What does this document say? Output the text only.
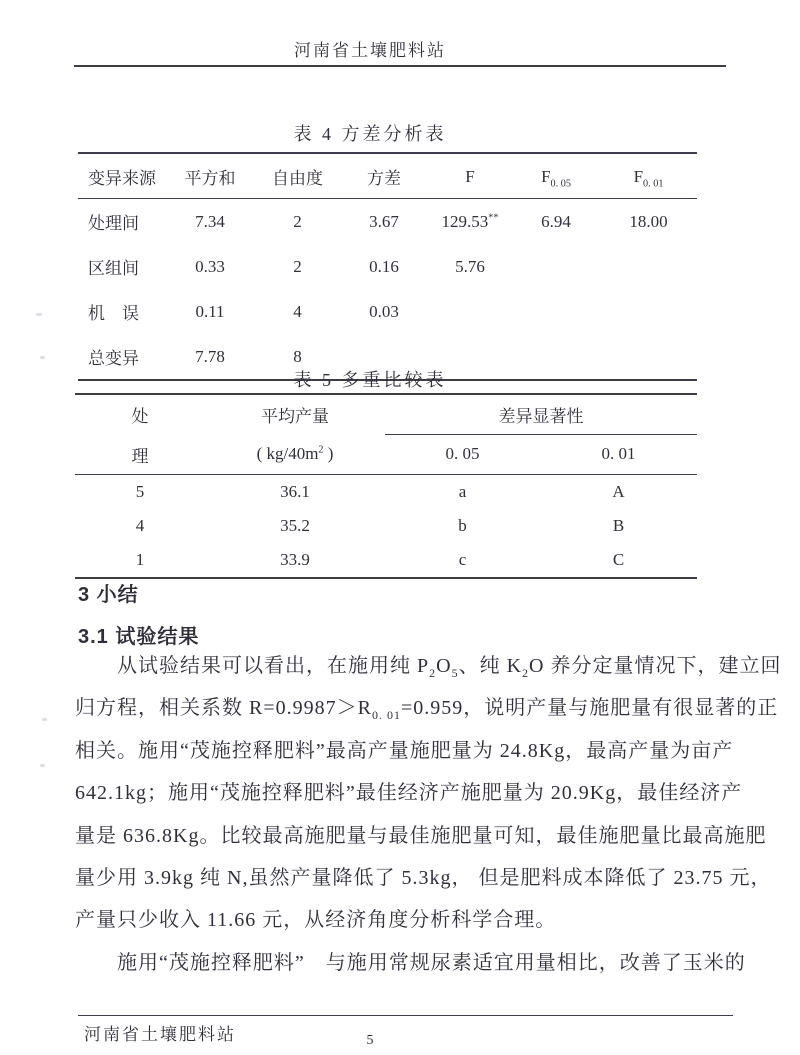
河南省土壤肥料站
表 4 方差分析表
变异来源	平方和	自由度	方差	F	$F_{0. 05}$	$F_{0. 01}$
处理间	7.34	2	3.67	129.53**	6.94	18.00
区组间	0.33	2	0.16	5.76		
机　误	0.11	4	0.03			
总变异	7.78	8				
表 5 多重比较表
处	平均产量	差异显著性	
理	( $kg/40m^2$ )	0. 05	0. 01
5	36.1	a	A
4	35.2	b	B
1	33.9	c	C
3 小结
3.1 试验结果
从试验结果可以看出，在施用纯 $P_2O_5$、纯 $K_2O$ 养分定量情况下，建立回
归方程，相关系数 $R=0.9987>R_{0. 01}=0.959$，说明产量与施肥量有很显著的正
相关。施用“茂施控释肥料”最高产量施肥量为 24.8Kg，最高产量为亩产
642.1kg；施用“茂施控释肥料”最佳经济产施肥量为 20.9Kg，最佳经济产
量是 636.8Kg。比较最高施肥量与最佳施肥量可知，最佳施肥量比最高施肥
量少用 3.9kg 纯 N,虽然产量降低了 5.3kg， 但是肥料成本降低了 23.75 元，
产量只少收入 11.66 元，从经济角度分析科学合理。
施用“茂施控释肥料”　与施用常规尿素适宜用量相比，改善了玉米的
河南省土壤肥料站	5
